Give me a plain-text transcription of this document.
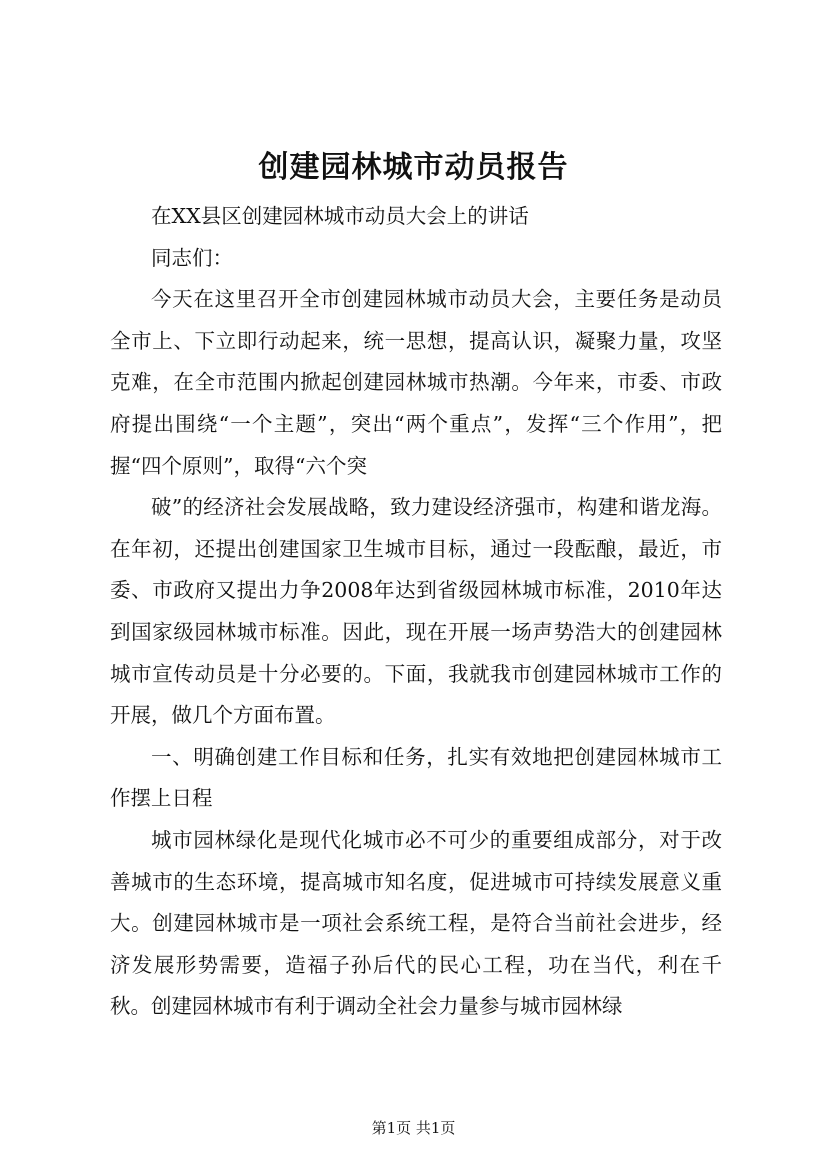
创建园林城市动员报告

在XX县区创建园林城市动员大会上的讲话

同志们：

今天在这里召开全市创建园林城市动员大会，主要任务是动员全市上、下立即行动起来，统一思想，提高认识，凝聚力量，攻坚克难，在全市范围内掀起创建园林城市热潮。今年来，市委、市政府提出围绕“一个主题”，突出“两个重点”，发挥“三个作用”，把握“四个原则”，取得“六个突

破”的经济社会发展战略，致力建设经济强市，构建和谐龙海。在年初，还提出创建国家卫生城市目标，通过一段酝酿，最近，市委、市政府又提出力争2008年达到省级园林城市标准，2010年达到国家级园林城市标准。因此，现在开展一场声势浩大的创建园林城市宣传动员是十分必要的。下面，我就我市创建园林城市工作的开展，做几个方面布置。

一、明确创建工作目标和任务，扎实有效地把创建园林城市工作摆上日程

城市园林绿化是现代化城市必不可少的重要组成部分，对于改善城市的生态环境，提高城市知名度，促进城市可持续发展意义重大。创建园林城市是一项社会系统工程，是符合当前社会进步，经济发展形势需要，造福子孙后代的民心工程，功在当代，利在千秋。创建园林城市有利于调动全社会力量参与城市园林绿

第1页 共1页
